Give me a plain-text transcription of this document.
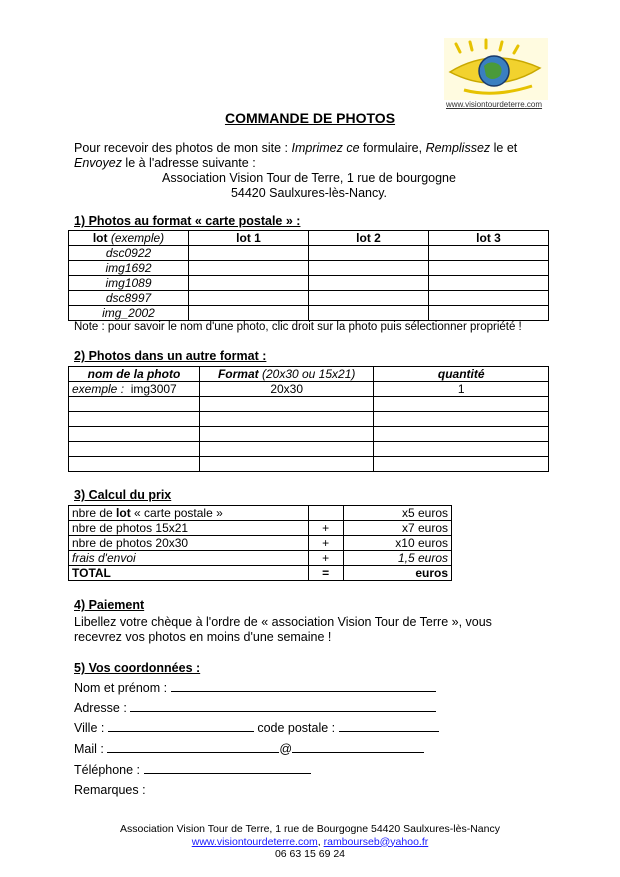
www.visiontourdeterre.com
COMMANDE DE PHOTOS
Pour recevoir des photos de mon site : Imprimez ce formulaire, Remplissez le et
Envoyez le à l'adresse suivante :
Association Vision Tour de Terre, 1 rue de bourgogne
54420 Saulxures-lès-Nancy.
1) Photos au format « carte postale » :
lot (exemple)	lot 1	lot 2	lot 3
dsc0922			
img1692			
img1089			
dsc8997			
img_2002			
Note : pour savoir le nom d'une photo, clic droit sur la photo puis sélectionner propriété !
2) Photos dans un autre format :
nom de la photo	Format (20x30 ou 15x21)	quantité
exemple : img3007	20x30	1

3) Calcul du prix
nbre de lot « carte postale »		x5 euros
nbre de photos 15x21	+	x7 euros
nbre de photos 20x30	+	x10 euros
frais d'envoi	+	1,5 euros
TOTAL	=	euros
4) Paiement
Libellez votre chèque à l'ordre de « association Vision Tour de Terre », vous
recevrez vos photos en moins d'une semaine !
5) Vos coordonnées :
Nom et prénom :
Adresse :
Ville :	code postale :
Mail :	@
Téléphone :
Remarques :
Association Vision Tour de Terre, 1 rue de Bourgogne 54420 Saulxures-lès-Nancy
www.visiontourdeterre.com, rambourseb@yahoo.fr
06 63 15 69 24
